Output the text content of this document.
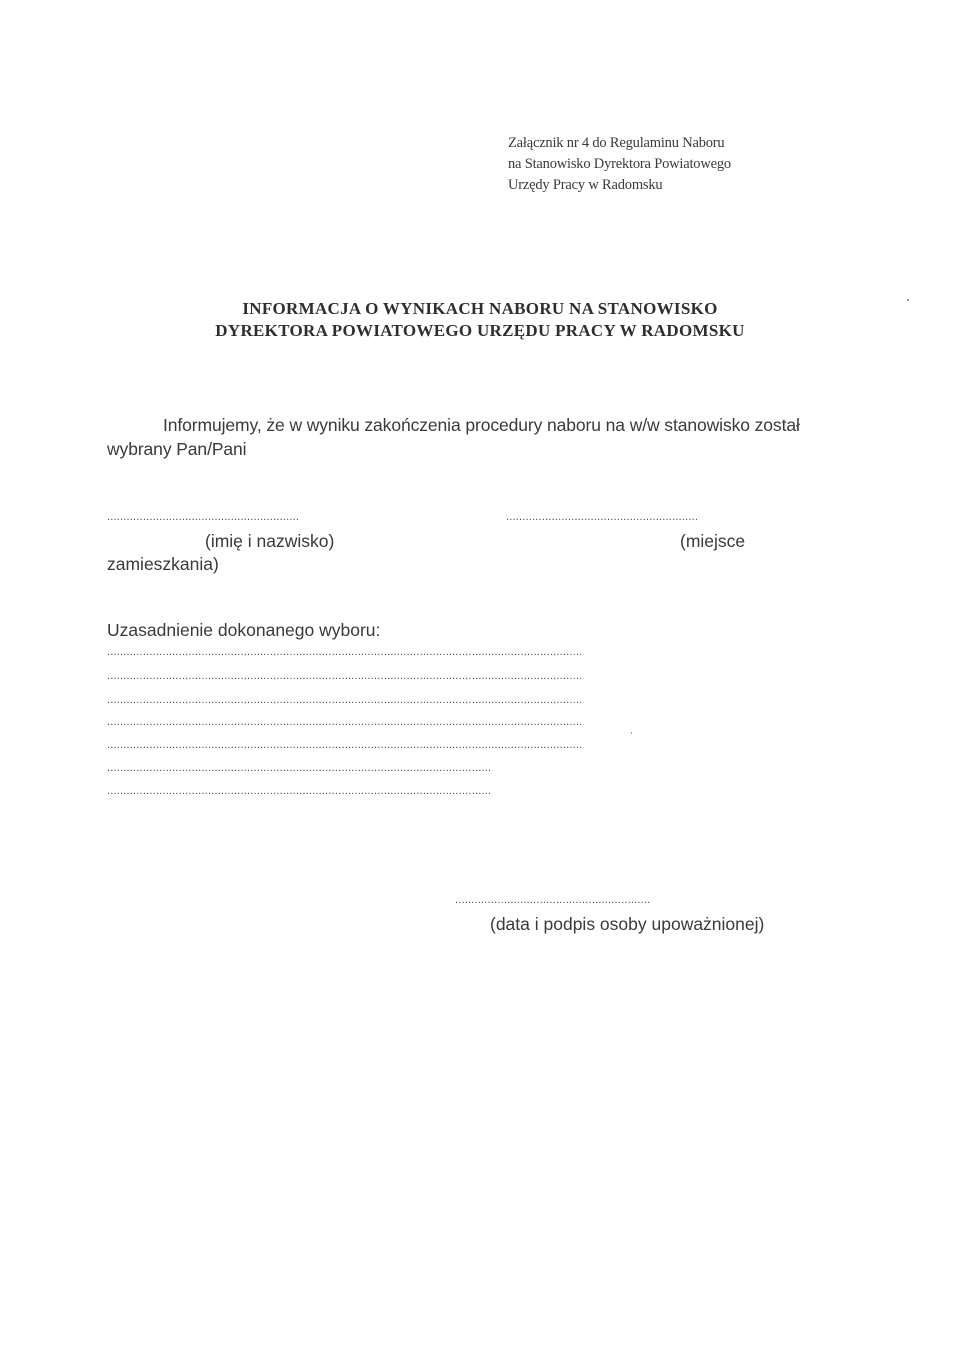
Załącznik nr 4 do Regulaminu Naboru
na Stanowisko Dyrektora Powiatowego
Urzędy Pracy w Radomsku
INFORMACJA O WYNIKACH NABORU NA STANOWISKO
DYREKTORA POWIATOWEGO URZĘDU PRACY W RADOMSKU
Informujemy, że w wyniku zakończenia procedury naboru na w/w stanowisko został
wybrany Pan/Pani
...........................................................	...........................................................
(imię i nazwisko)	(miejsce
zamieszkania)
Uzasadnienie dokonanego wyboru:
..................................................................................................................................................
..................................................................................................................................................
..................................................................................................................................................
..................................................................................................................................................
..................................................................................................................................................
......................................................................................................................
......................................................................................................................
............................................................
(data i podpis osoby upoważnionej)
